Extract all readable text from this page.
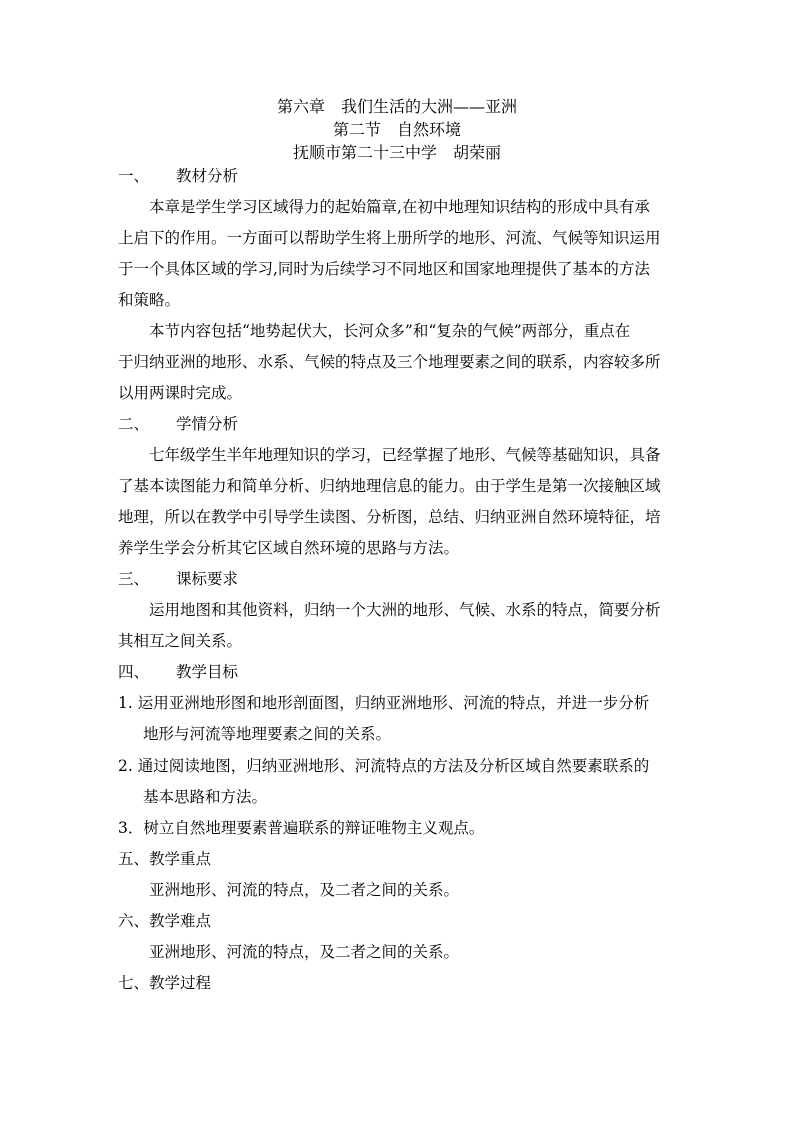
第六章　我们生活的大洲——亚洲
第二节　自然环境
抚顺市第二十三中学　胡荣丽
一、 教材分析
本章是学生学习区域得力的起始篇章,在初中地理知识结构的形成中具有承
上启下的作用。一方面可以帮助学生将上册所学的地形、河流、气候等知识运用
于一个具体区域的学习,同时为后续学习不同地区和国家地理提供了基本的方法
和策略。
本节内容包括“地势起伏大，长河众多”和“复杂的气候”两部分，重点在
于归纳亚洲的地形、水系、气候的特点及三个地理要素之间的联系，内容较多所
以用两课时完成。
二、 学情分析
七年级学生半年地理知识的学习，已经掌握了地形、气候等基础知识，具备
了基本读图能力和简单分析、归纳地理信息的能力。由于学生是第一次接触区域
地理，所以在教学中引导学生读图、分析图，总结、归纳亚洲自然环境特征，培
养学生学会分析其它区域自然环境的思路与方法。
三、 课标要求
运用地图和其他资料，归纳一个大洲的地形、气候、水系的特点，简要分析
其相互之间关系。
四、 教学目标
1. 运用亚洲地形图和地形剖面图，归纳亚洲地形、河流的特点，并进一步分析
地形与河流等地理要素之间的关系。
2. 通过阅读地图，归纳亚洲地形、河流特点的方法及分析区域自然要素联系的
基本思路和方法。
3．树立自然地理要素普遍联系的辩证唯物主义观点。
五、教学重点
亚洲地形、河流的特点，及二者之间的关系。
六、教学难点
亚洲地形、河流的特点，及二者之间的关系。
七、教学过程
